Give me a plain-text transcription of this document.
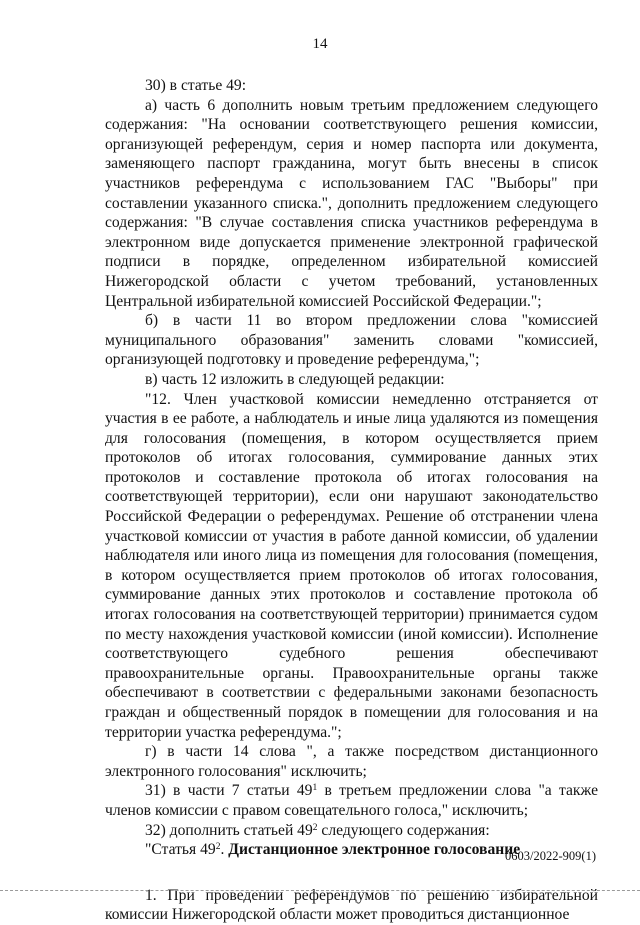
14

30) в статье 49:

а) часть 6 дополнить новым третьим предложением следующего содержания: "На основании соответствующего решения комиссии, организующей референдум, серия и номер паспорта или документа, заменяющего паспорт гражданина, могут быть внесены в список участников референдума с использованием ГАС "Выборы" при составлении указанного списка.", дополнить предложением следующего содержания: "В случае составления списка участников референдума в электронном виде допускается применение электронной графической подписи в порядке, определенном избирательной комиссией Нижегородской области с учетом требований, установленных Центральной избирательной комиссией Российской Федерации.";

б) в части 11 во втором предложении слова "комиссией муниципального образования" заменить словами "комиссией, организующей подготовку и проведение референдума,";

в) часть 12 изложить в следующей редакции:

"12. Член участковой комиссии немедленно отстраняется от участия в ее работе, а наблюдатель и иные лица удаляются из помещения для голосования (помещения, в котором осуществляется прием протоколов об итогах голосования, суммирование данных этих протоколов и составление протокола об итогах голосования на соответствующей территории), если они нарушают законодательство Российской Федерации о референдумах. Решение об отстранении члена участковой комиссии от участия в работе данной комиссии, об удалении наблюдателя или иного лица из помещения для голосования (помещения, в котором осуществляется прием протоколов об итогах голосования, суммирование данных этих протоколов и составление протокола об итогах голосования на соответствующей территории) принимается судом по месту нахождения участковой комиссии (иной комиссии). Исполнение соответствующего судебного решения обеспечивают правоохранительные органы. Правоохранительные органы также обеспечивают в соответствии с федеральными законами безопасность граждан и общественный порядок в помещении для голосования и на территории участка референдума.";

г) в части 14 слова ", а также посредством дистанционного электронного голосования" исключить;

31) в части 7 статьи $49^1$ в третьем предложении слова "а также членов комиссии с правом совещательного голоса," исключить;

32) дополнить статьей $49^2$ следующего содержания:

"Статья $49^2$. Дистанционное электронное голосование

1. При проведении референдумов по решению избирательной комиссии Нижегородской области может проводиться дистанционное

0603/2022-909(1)
